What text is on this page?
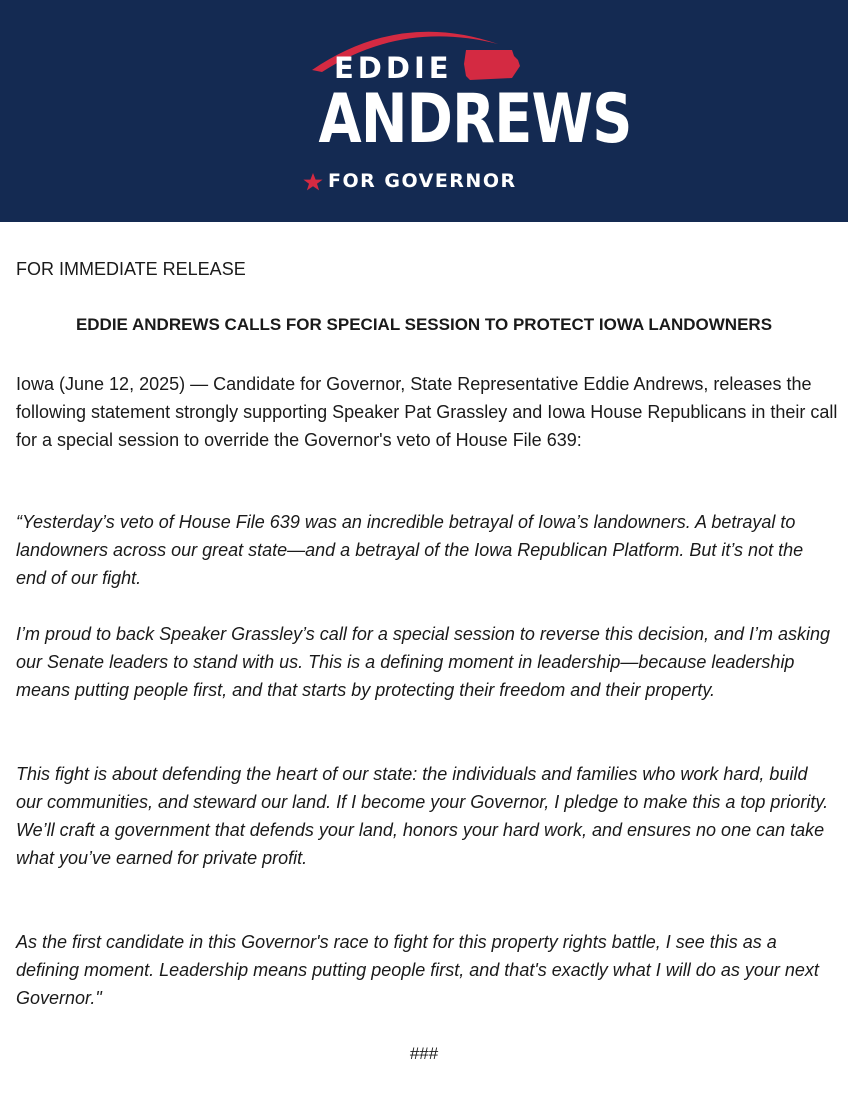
EDDIE
ANDREWS
FOR GOVERNOR
FOR IMMEDIATE RELEASE
EDDIE ANDREWS CALLS FOR SPECIAL SESSION TO PROTECT IOWA LANDOWNERS

Iowa (June 12, 2025) — Candidate for Governor, State Representative Eddie Andrews, releases the following statement strongly supporting Speaker Pat Grassley and Iowa House Republicans in their call for a special session to override the Governor's veto of House File 639:

“Yesterday’s veto of House File 639 was an incredible betrayal of Iowa’s landowners. A betrayal to landowners across our great state—and a betrayal of the Iowa Republican Platform. But it’s not the end of our fight.

I’m proud to back Speaker Grassley’s call for a special session to reverse this decision, and I’m asking our Senate leaders to stand with us. This is a defining moment in leadership—because leadership means putting people first, and that starts by protecting their freedom and their property.

This fight is about defending the heart of our state: the individuals and families who work hard, build our communities, and steward our land. If I become your Governor, I pledge to make this a top priority. We’ll craft a government that defends your land, honors your hard work, and ensures no one can take what you’ve earned for private profit.

As the first candidate in this Governor's race to fight for this property rights battle, I see this as a defining moment. Leadership means putting people first, and that's exactly what I will do as your next Governor."

###
